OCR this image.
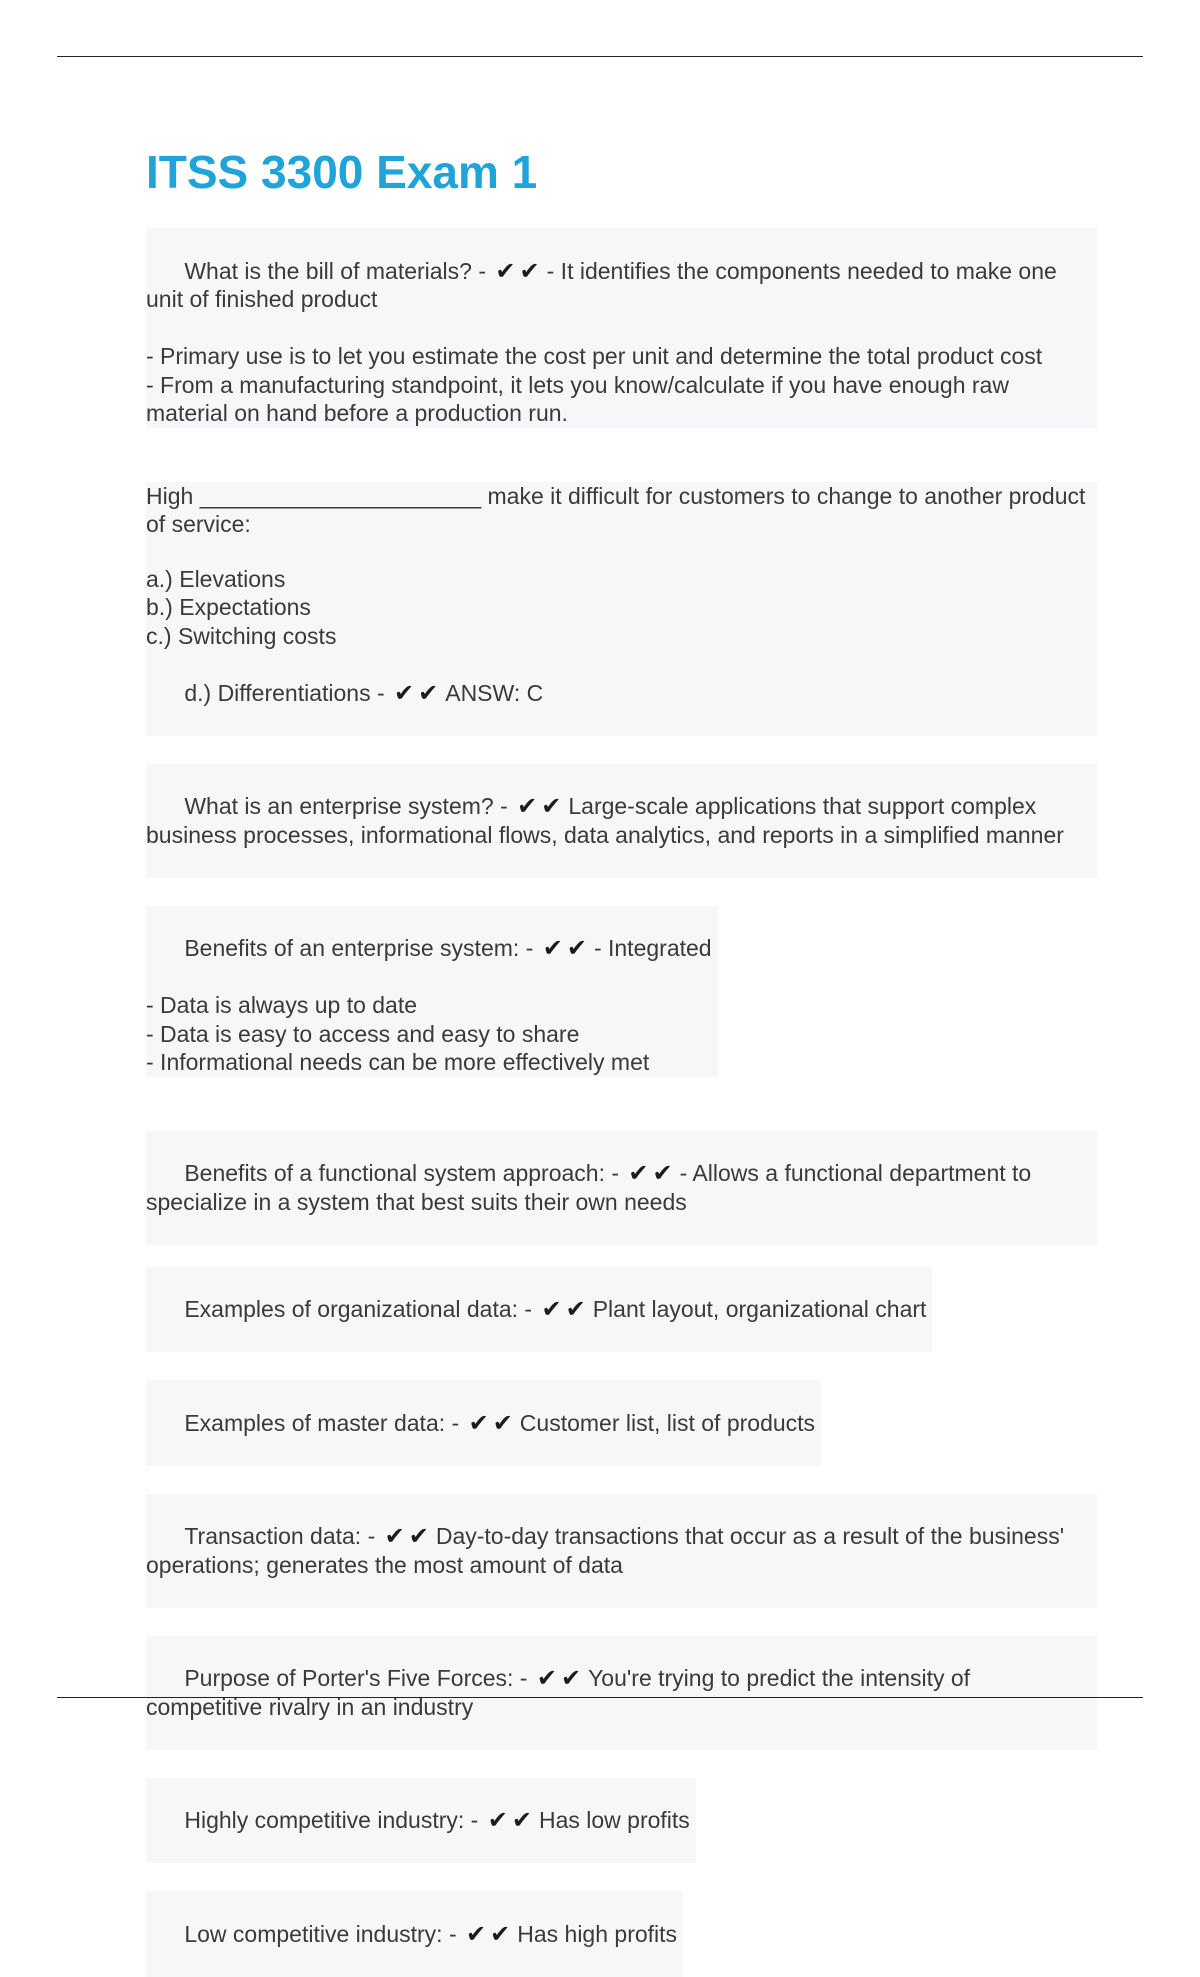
ITSS 3300 Exam 1

What is the bill of materials? - ✔✔ - It identifies the components needed to make one unit of finished product

- Primary use is to let you estimate the cost per unit and determine the total product cost
- From a manufacturing standpoint, it lets you know/calculate if you have enough raw material on hand before a production run.
High ______________________ make it difficult for customers to change to another product of service:
a.) Elevations
b.) Expectations
c.) Switching costs

d.) Differentiations - ✔✔ ANSW: C

What is an enterprise system? - ✔✔ Large-scale applications that support complex business processes, informational flows, data analytics, and reports in a simplified manner

Benefits of an enterprise system: - ✔✔ - Integrated

- Data is always up to date
- Data is easy to access and easy to share
- Informational needs can be more effectively met

Benefits of a functional system approach: - ✔✔ - Allows a functional department to specialize in a system that best suits their own needs

Examples of organizational data: - ✔✔ Plant layout, organizational chart

Examples of master data: - ✔✔ Customer list, list of products

Transaction data: - ✔✔ Day-to-day transactions that occur as a result of the business' operations; generates the most amount of data

Purpose of Porter's Five Forces: - ✔✔ You're trying to predict the intensity of competitive rivalry in an industry

Highly competitive industry: - ✔✔ Has low profits

Low competitive industry: - ✔✔ Has high profits
